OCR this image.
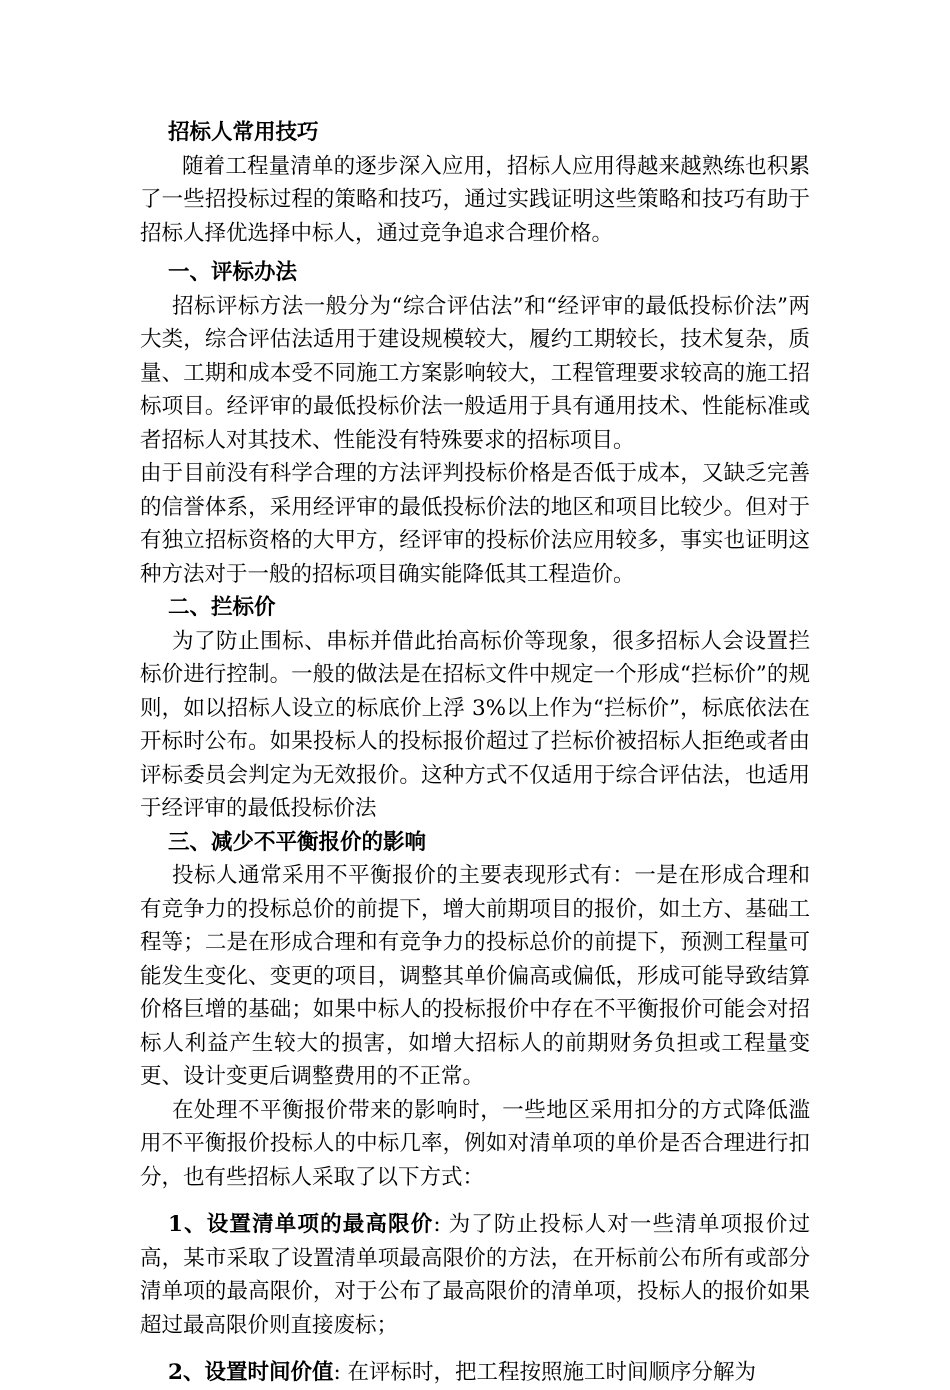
招标人常用技巧

随着工程量清单的逐步深入应用，招标人应用得越来越熟练也积累了一些招投标过程的策略和技巧，通过实践证明这些策略和技巧有助于招标人择优选择中标人，通过竞争追求合理价格。

一、评标办法

招标评标方法一般分为“综合评估法”和“经评审的最低投标价法”两大类，综合评估法适用于建设规模较大，履约工期较长，技术复杂，质量、工期和成本受不同施工方案影响较大，工程管理要求较高的施工招标项目。经评审的最低投标价法一般适用于具有通用技术、性能标准或者招标人对其技术、性能没有特殊要求的招标项目。

由于目前没有科学合理的方法评判投标价格是否低于成本，又缺乏完善的信誉体系，采用经评审的最低投标价法的地区和项目比较少。但对于有独立招标资格的大甲方，经评审的投标价法应用较多，事实也证明这种方法对于一般的招标项目确实能降低其工程造价。

二、拦标价

为了防止围标、串标并借此抬高标价等现象，很多招标人会设置拦标价进行控制。一般的做法是在招标文件中规定一个形成“拦标价”的规则，如以招标人设立的标底价上浮 3%以上作为“拦标价”，标底依法在开标时公布。如果投标人的投标报价超过了拦标价被招标人拒绝或者由评标委员会判定为无效报价。这种方式不仅适用于综合评估法，也适用于经评审的最低投标价法

三、减少不平衡报价的影响

投标人通常采用不平衡报价的主要表现形式有：一是在形成合理和有竞争力的投标总价的前提下，增大前期项目的报价，如土方、基础工程等；二是在形成合理和有竞争力的投标总价的前提下，预测工程量可能发生变化、变更的项目，调整其单价偏高或偏低，形成可能导致结算价格巨增的基础；如果中标人的投标报价中存在不平衡报价可能会对招标人利益产生较大的损害，如增大招标人的前期财务负担或工程量变更、设计变更后调整费用的不正常。

在处理不平衡报价带来的影响时，一些地区采用扣分的方式降低滥用不平衡报价投标人的中标几率，例如对清单项的单价是否合理进行扣分，也有些招标人采取了以下方式：

1、设置清单项的最高限价: 为了防止投标人对一些清单项报价过高，某市采取了设置清单项最高限价的方法，在开标前公布所有或部分清单项的最高限价，对于公布了最高限价的清单项，投标人的报价如果超过最高限价则直接废标；

2、设置时间价值: 在评标时，把工程按照施工时间顺序分解为
